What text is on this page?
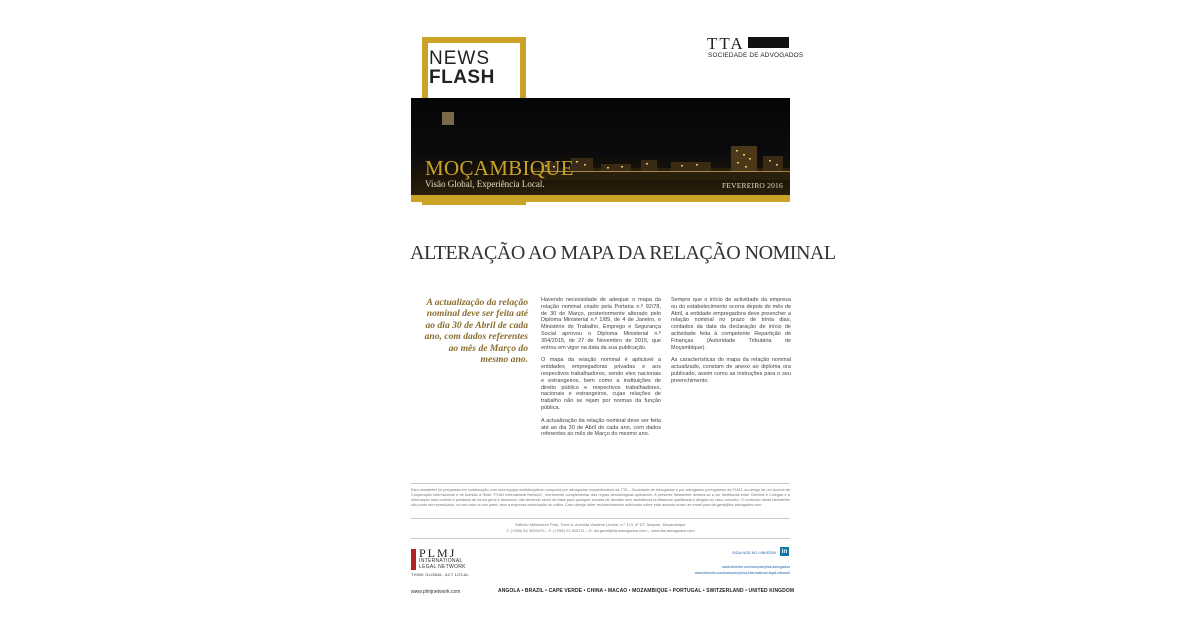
NEWS
FLASH
TTA
SOCIEDADE DE ADVOGADOS
MOÇAMBIQUE
Visão Global, Experiência Local.	FEVEREIRO 2016
ALTERAÇÃO AO MAPA DA RELAÇÃO NOMINAL
A actualização da relação nominal deve ser feita até ao dia 30 de Abril de cada ano, com dados referentes ao mês de Março do mesmo ano.

Havendo necessidade de adequar o mapa da relação nominal criado pela Portaria n.º 92/78, de 30 de Março, posteriormente alterado pelo Diploma Ministerial n.º 1/89, de 4 de Janeiro, o Ministério do Trabalho, Emprego e Segurança Social aprovou o Diploma Ministerial n.º 304/2015, de 27 de Novembro de 2015, que entrou em vigor na data da sua publicação.

O mapa da relação nominal é aplicável a entidades empregadoras privadas e aos respectivos trabalhadores, sendo eles nacionais e estrangeiros, bem como a instituições de direito público e respectivos trabalhadores, nacionais e estrangeiros, cujas relações de trabalho não se rejam por normas da função pública.

A actualização da relação nominal deve ser feita até ao dia 30 de Abril de cada ano, com dados referentes ao mês de Março do mesmo ano.

Sempre que o início de actividade da empresa ou do estabelecimento ocorra depois do mês de Abril, a entidade empregadora deve preencher a relação nominal no prazo de trinta dias, contados da data da declaração de início de actividade feita à competente Repartição de Finanças (Autoridade Tributária de Moçambique).

As características do mapa da relação nominal actualizado, constam de anexo ao diploma ora publicado, assim como as instruções para o seu preenchimento.

Esta newsletter foi preparada em colaboração com uma equipa multidisciplinar composta por advogados moçambicanos da TTA – Sociedade de Advogados e por advogados portugueses da PLMJ, ao abrigo de um Acordo de Cooperação Internacional e de Adesão à Rede "PLMJ International Network", meramente complementar das regras deontológicas aplicáveis. A presente Newsletter destina-se a ser distribuída entre Clientes e Colegas e a informação nela contida é prestada de forma geral e abstracta, não devendo servir de base para qualquer tomada de decisão sem assistência profissional qualificada e dirigida ao caso concreto. O conteúdo desta Newsletter não pode ser reproduzido, no seu todo ou em parte, sem a expressa autorização do editor. Caso deseje obter esclarecimentos adicionais sobre este assunto envie um email para tta.geral@tta-advogados.com.
Edifício Millennium Park, Torre A, Avenida Vladimir Lenine, n.º 174, 6º DT, Maputo, Moçambique
T. (+258) 84 3004479 – F. (+258) 21 303721 – E. tta.geral@tta-advogados.com – www.tta-advogados.com
PLMJ
INTERNATIONAL
LEGAL NETWORK
THINK GLOBAL, ACT LOCAL
www.plmjnetwork.com
SIGA-NOS NO LINKEDIN in
www.linkedin.com/company/tta-advogados
www.linkedin.com/company/plmj-international-legal-network
ANGOLA • BRAZIL • CAPE VERDE • CHINA • MACAO • MOZAMBIQUE • PORTUGAL • SWITZERLAND • UNITED KINGDOM
